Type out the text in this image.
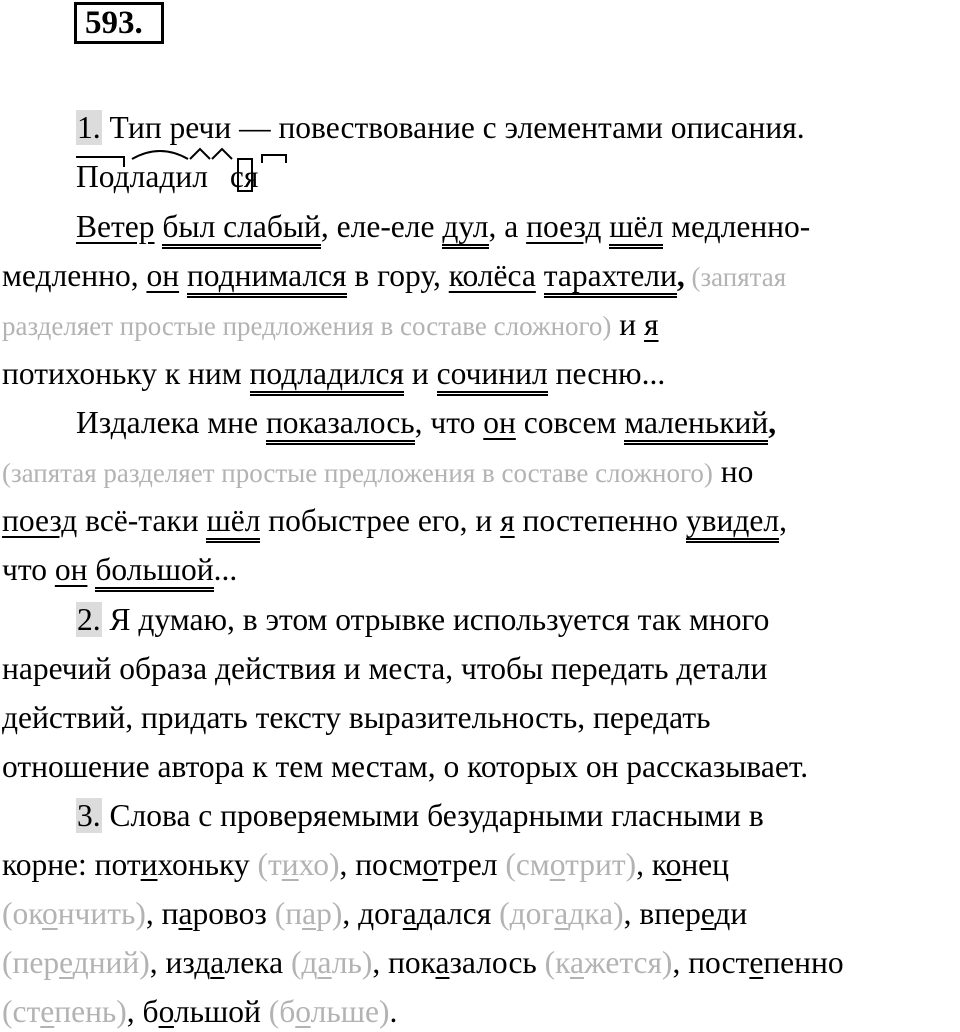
593.
1. Тип речи — повествование с элементами описания.
Подладил ся
Ветер был слабый, еле-еле дул, а поезд шёл медленно-
медленно, он поднимался в гору, колёса тарахтели, (запятая
разделяет простые предложения в составе сложного) и я
потихоньку к ним подладился и сочинил песню...
Издалека мне показалось, что он совсем маленький,
(запятая разделяет простые предложения в составе сложного) но
поезд всё-таки шёл побыстрее его, и я постепенно увидел,
что он большой...
2. Я думаю, в этом отрывке используется так много
наречий образа действия и места, чтобы передать детали
действий, придать тексту выразительность, передать
отношение автора к тем местам, о которых он рассказывает.
3. Слова с проверяемыми безударными гласными в
корне: потихоньку (тихо), посмотрел (смотрит), конец
(окончить), паровоз (пар), догадался (догадка), впереди
(передний), издалека (даль), показалось (кажется), постепенно
(степень), большой (больше).
